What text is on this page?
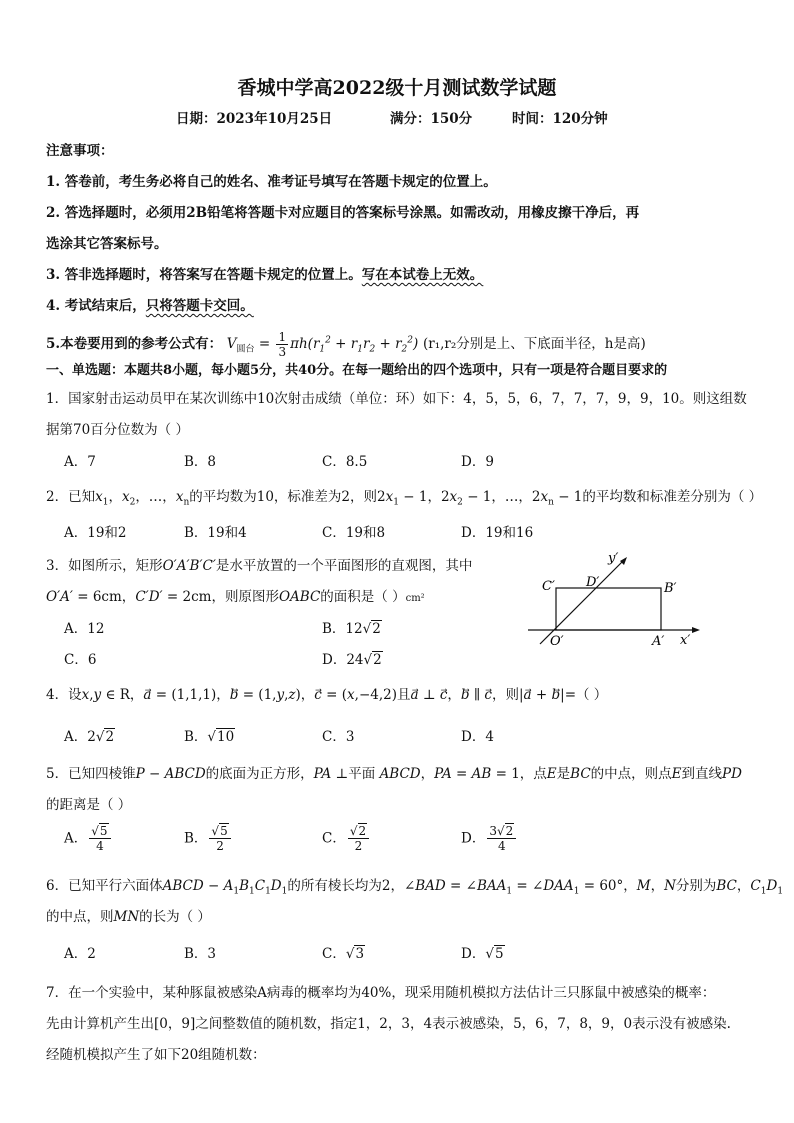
香城中学高2022级十月测试数学试题
日期：2023年10月25日	满分：150分	时间：120分钟
注意事项：
1. 答卷前，考生务必将自己的姓名、准考证号填写在答题卡规定的位置上。
2. 答选择题时，必须用2B铅笔将答题卡对应题目的答案标号涂黑。如需改动，用橡皮擦干净后，再
选涂其它答案标号。
3. 答非选择题时，将答案写在答题卡规定的位置上。写在本试卷上无效。
4. 考试结束后，只将答题卡交回。
5.本卷要用到的参考公式有： $V_{圆台} = \frac{1}{3} \pi h(r_1^2 + r_1r_2 + r_2^2)$ (r₁,r₂分别是上、下底面半径，h是高)
一、单选题：本题共8小题，每小题5分，共40分。在每一题给出的四个选项中，只有一项是符合题目要求的
1．国家射击运动员甲在某次训练中10次射击成绩（单位：环）如下：4，5，5，6，7，7，7，9，9，10。则这组数
据第70百分位数为（ ）
A．7	B．8	C．8.5	D．9
2．已知$x_1$，$x_2$，…，$x_n$的平均数为10，标准差为2，则$2x_1 - 1$，$2x_2 - 1$，…，$2x_n - 1$的平均数和标准差分别为（ ）
A．19和2	B．19和4	C．19和8	D．19和16
3．如图所示，矩形O′A′B′C′是水平放置的一个平面图形的直观图，其中
O′A′ = 6cm，C′D′ = 2cm，则原图形OABC的面积是（ ）cm²
A．12	B．12√2
C．6	D．24√2
y′
C′ D′	B′
O′	A′ x′
4．设x,y ∈ R，a⃗ = (1,1,1)，b⃗ = (1,y,z)，c⃗ = (x,−4,2)且a⃗ ⊥ c⃗，b⃗ ∥ c，则|a⃗ + b⃗|=（ ）
A．2√2	B．√10	C．3	D．4
5．已知四棱锥P − ABCD的底面为正方形，PA ⊥平面 ABCD，PA = AB = 1，点E是BC的中点，则点E到直线PD
的距离是（ ）
A． $\frac{√5}{4}$	B． $\frac{√5}{2}$	C． $\frac{√2}{2}$	D． $\frac{3√2}{4}$
6．已知平行六面体ABCD − $A_1B_1C_1D_1$的所有棱长均为2，∠BAD = $\angle BAA_1$ = $\angle DAA_1 = 60^\circ$，M，N分别为BC，$C_1D_1$
的中点，则MN的长为（ ）
A．2	B．3	C．√3	D．√5
7．在一个实验中，某种豚鼠被感染A病毒的概率均为40%，现采用随机模拟方法估计三只豚鼠中被感染的概率：
先由计算机产生出[0，9]之间整数值的随机数，指定1，2，3，4表示被感染，5，6，7，8，9，0表示没有被感染.
经随机模拟产生了如下20组随机数：
